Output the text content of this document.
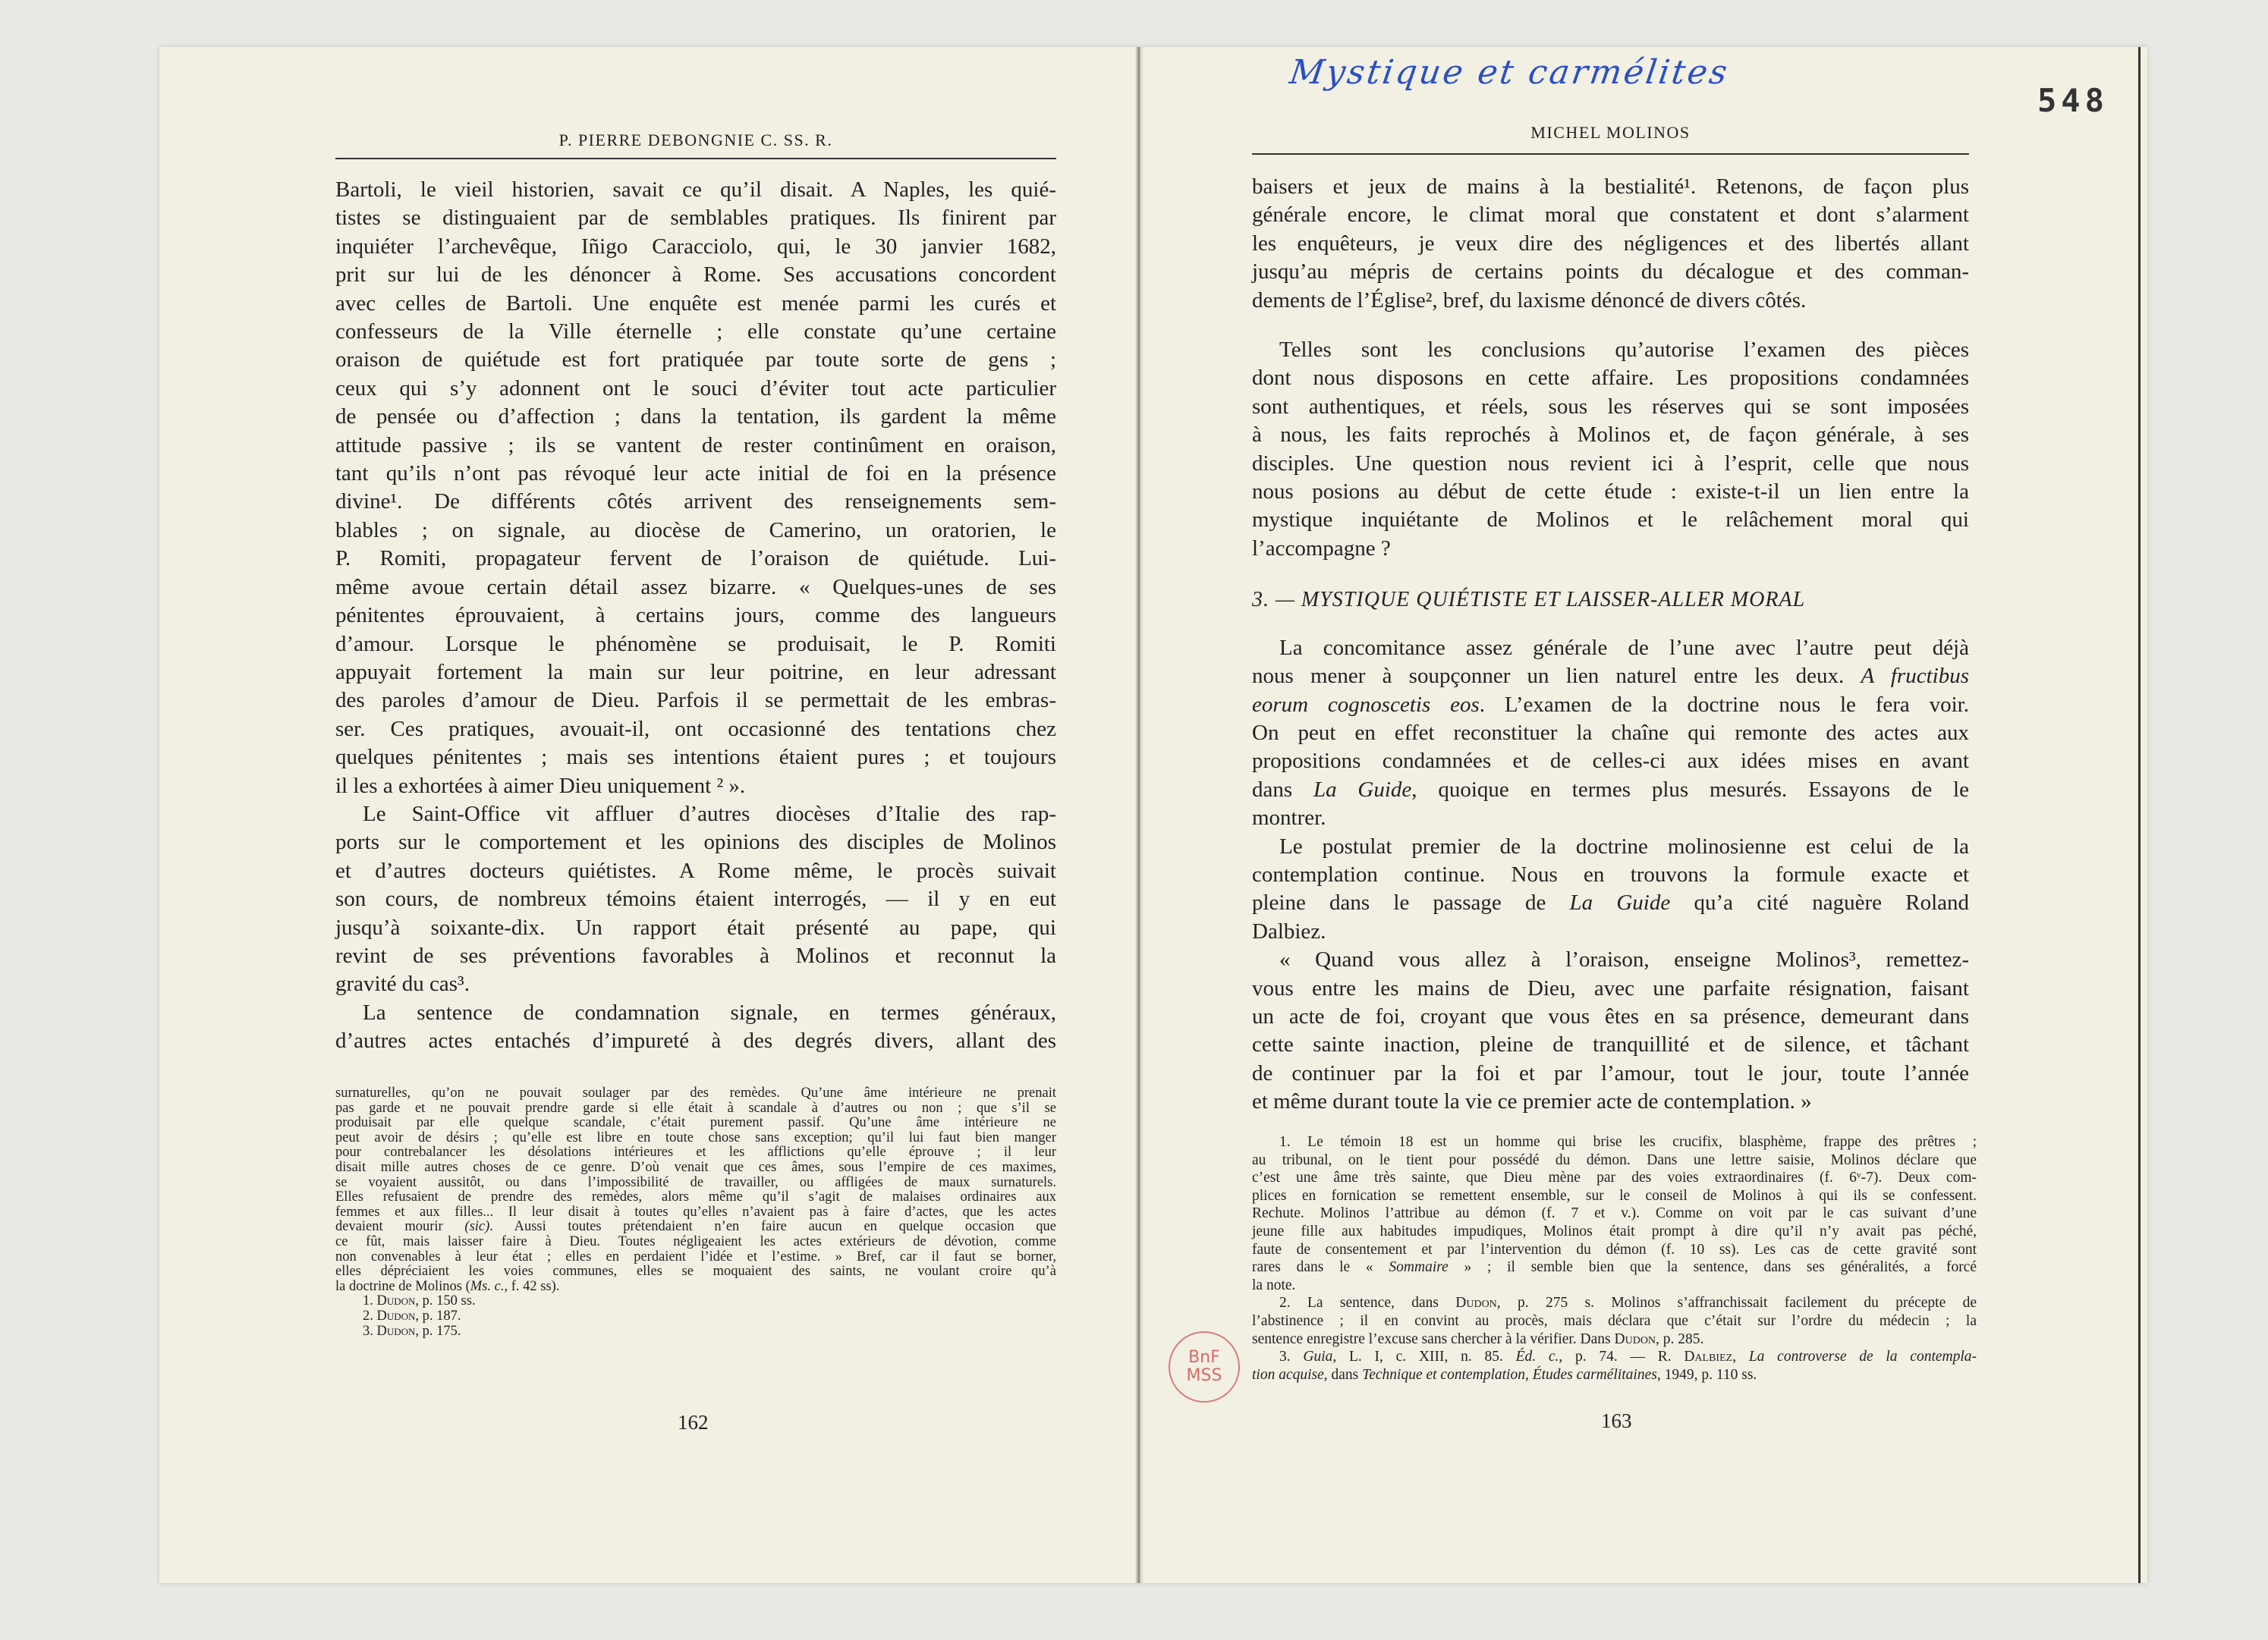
P. PIERRE DEBONGNIE C. SS. R.
Bartoli, le vieil historien, savait ce qu’il disait. A Naples, les quié-
tistes se distinguaient par de semblables pratiques. Ils finirent par
inquiéter l’archevêque, Iñigo Caracciolo, qui, le 30 janvier 1682,
prit sur lui de les dénoncer à Rome. Ses accusations concordent
avec celles de Bartoli. Une enquête est menée parmi les curés et
confesseurs de la Ville éternelle ; elle constate qu’une certaine
oraison de quiétude est fort pratiquée par toute sorte de gens ;
ceux qui s’y adonnent ont le souci d’éviter tout acte particulier
de pensée ou d’affection ; dans la tentation, ils gardent la même
attitude passive ; ils se vantent de rester continûment en oraison,
tant qu’ils n’ont pas révoqué leur acte initial de foi en la présence
divine¹. De différents côtés arrivent des renseignements sem-
blables ; on signale, au diocèse de Camerino, un oratorien, le
P. Romiti, propagateur fervent de l’oraison de quiétude. Lui-
même avoue certain détail assez bizarre. « Quelques-unes de ses
pénitentes éprouvaient, à certains jours, comme des langueurs
d’amour. Lorsque le phénomène se produisait, le P. Romiti
appuyait fortement la main sur leur poitrine, en leur adressant
des paroles d’amour de Dieu. Parfois il se permettait de les embras-
ser. Ces pratiques, avouait-il, ont occasionné des tentations chez
quelques pénitentes ; mais ses intentions étaient pures ; et toujours
il les a exhortées à aimer Dieu uniquement ² ».
Le Saint-Office vit affluer d’autres diocèses d’Italie des rap-
ports sur le comportement et les opinions des disciples de Molinos
et d’autres docteurs quiétistes. A Rome même, le procès suivait
son cours, de nombreux témoins étaient interrogés, — il y en eut
jusqu’à soixante-dix. Un rapport était présenté au pape, qui
revint de ses préventions favorables à Molinos et reconnut la
gravité du cas³.
La sentence de condamnation signale, en termes généraux,
d’autres actes entachés d’impureté à des degrés divers, allant des
surnaturelles, qu’on ne pouvait soulager par des remèdes. Qu’une âme intérieure ne prenait
pas garde et ne pouvait prendre garde si elle était à scandale à d’autres ou non ; que s’il se
produisait par elle quelque scandale, c’était purement passif. Qu’une âme intérieure ne
peut avoir de désirs ; qu’elle est libre en toute chose sans exception; qu’il lui faut bien manger
pour contrebalancer les désolations intérieures et les afflictions qu’elle éprouve ; il leur
disait mille autres choses de ce genre. D’où venait que ces âmes, sous l’empire de ces maximes,
se voyaient aussitôt, ou dans l’impossibilité de travailler, ou affligées de maux surnaturels.
Elles refusaient de prendre des remèdes, alors même qu’il s’agit de malaises ordinaires aux
femmes et aux filles... Il leur disait à toutes qu’elles n’avaient pas à faire d’actes, que les actes
devaient mourir (sic). Aussi toutes prétendaient n’en faire aucun en quelque occasion que
ce fût, mais laisser faire à Dieu. Toutes négligeaient les actes extérieurs de dévotion, comme
non convenables à leur état ; elles en perdaient l’idée et l’estime. » Bref, car il faut se borner,
elles dépréciaient les voies communes, elles se moquaient des saints, ne voulant croire qu’à
la doctrine de Molinos (Ms. c., f. 42 ss).
1. Dudon, p. 150 ss.
2. Dudon, p. 187.
3. Dudon, p. 175.
162
Mystique et carmélites
548
MICHEL MOLINOS
baisers et jeux de mains à la bestialité¹. Retenons, de façon plus
générale encore, le climat moral que constatent et dont s’alarment
les enquêteurs, je veux dire des négligences et des libertés allant
jusqu’au mépris de certains points du décalogue et des comman-
dements de l’Église², bref, du laxisme dénoncé de divers côtés.
Telles sont les conclusions qu’autorise l’examen des pièces
dont nous disposons en cette affaire. Les propositions condamnées
sont authentiques, et réels, sous les réserves qui se sont imposées
à nous, les faits reprochés à Molinos et, de façon générale, à ses
disciples. Une question nous revient ici à l’esprit, celle que nous
nous posions au début de cette étude : existe-t-il un lien entre la
mystique inquiétante de Molinos et le relâchement moral qui
l’accompagne ?
3. — MYSTIQUE QUIÉTISTE ET LAISSER-ALLER MORAL
La concomitance assez générale de l’une avec l’autre peut déjà
nous mener à soupçonner un lien naturel entre les deux. A fructibus
eorum cognoscetis eos. L’examen de la doctrine nous le fera voir.
On peut en effet reconstituer la chaîne qui remonte des actes aux
propositions condamnées et de celles-ci aux idées mises en avant
dans La Guide, quoique en termes plus mesurés. Essayons de le
montrer.
Le postulat premier de la doctrine molinosienne est celui de la
contemplation continue. Nous en trouvons la formule exacte et
pleine dans le passage de La Guide qu’a cité naguère Roland
Dalbiez.
« Quand vous allez à l’oraison, enseigne Molinos³, remettez-
vous entre les mains de Dieu, avec une parfaite résignation, faisant
un acte de foi, croyant que vous êtes en sa présence, demeurant dans
cette sainte inaction, pleine de tranquillité et de silence, et tâchant
de continuer par la foi et par l’amour, tout le jour, toute l’année
et même durant toute la vie ce premier acte de contemplation. »
1. Le témoin 18 est un homme qui brise les crucifix, blasphème, frappe des prêtres ;
au tribunal, on le tient pour possédé du démon. Dans une lettre saisie, Molinos déclare que
c’est une âme très sainte, que Dieu mène par des voies extraordinaires (f. 6ᵛ-7). Deux com-
plices en fornication se remettent ensemble, sur le conseil de Molinos à qui ils se confessent.
Rechute. Molinos l’attribue au démon (f. 7 et v.). Comme on voit par le cas suivant d’une
jeune fille aux habitudes impudiques, Molinos était prompt à dire qu’il n’y avait pas péché,
faute de consentement et par l’intervention du démon (f. 10 ss). Les cas de cette gravité sont
rares dans le « Sommaire » ; il semble bien que la sentence, dans ses généralités, a forcé
la note.
2. La sentence, dans Dudon, p. 275 s. Molinos s’affranchissait facilement du précepte de
l’abstinence ; il en convint au procès, mais déclara que c’était sur l’ordre du médecin ; la
sentence enregistre l’excuse sans chercher à la vérifier. Dans Dudon, p. 285.
3. Guia, L. I, c. XIII, n. 85. Éd. c., p. 74. — R. Dalbiez, La controverse de la contempla-
tion acquise, dans Technique et contemplation, Études carmélitaines, 1949, p. 110 ss.
163
BnF
MSS
